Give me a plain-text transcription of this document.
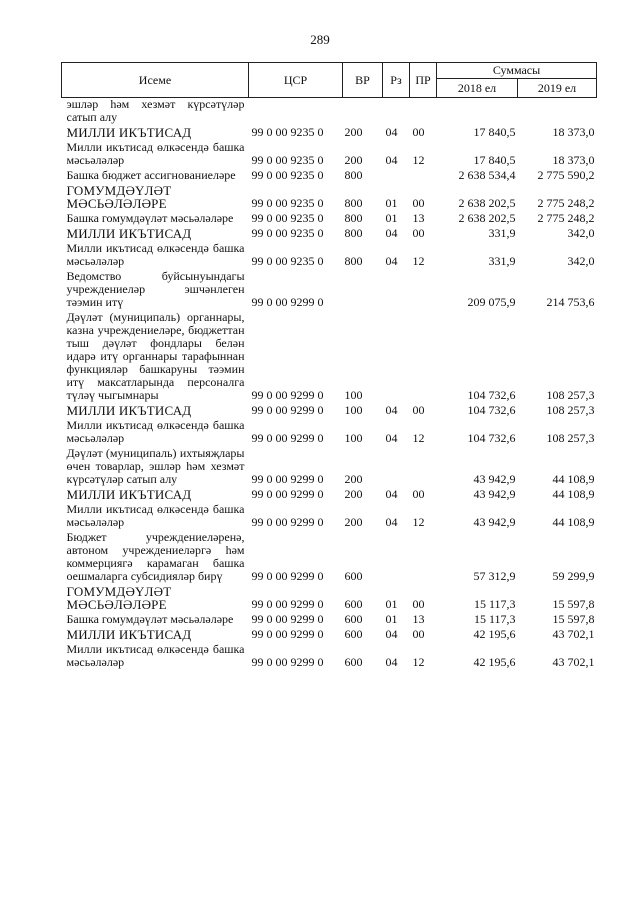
289
Исеме	ЦСР	ВР	Рз	ПР	Суммасы	
					2018 ел	2019 ел
эшләр һәм хезмәт күрсәтүләр сатып алу						
МИЛЛИ ИКЪТИСАД	99 0 00 9235 0	200	04	00	17 840,5	18 373,0
Милли икътисад өлкәсендә башка мәсьәләләр	99 0 00 9235 0	200	04	12	17 840,5	18 373,0
Башка бюджет ассигнованиеләре	99 0 00 9235 0	800			2 638 534,4	2 775 590,2
ГОМУМДӘҮЛӘТ МӘСЬӘЛӘЛӘРЕ	99 0 00 9235 0	800	01	00	2 638 202,5	2 775 248,2
Башка гомумдәүләт мәсьәләләре	99 0 00 9235 0	800	01	13	2 638 202,5	2 775 248,2
МИЛЛИ ИКЪТИСАД	99 0 00 9235 0	800	04	00	331,9	342,0
Милли икътисад өлкәсендә башка мәсьәләләр	99 0 00 9235 0	800	04	12	331,9	342,0
Ведомство буйсынуындагы учреждениеләр эшчәнлеген тәэмин итү	99 0 00 9299 0				209 075,9	214 753,6
Дәүләт (муниципаль) органнары, казна учреждениеләре, бюджеттан тыш дәүләт фондлары белән идарә итү органнары тарафыннан функцияләр башкаруны тәэмин итү максатларында персоналга түләү чыгымнары	99 0 00 9299 0	100			104 732,6	108 257,3
МИЛЛИ ИКЪТИСАД	99 0 00 9299 0	100	04	00	104 732,6	108 257,3
Милли икътисад өлкәсендә башка мәсьәләләр	99 0 00 9299 0	100	04	12	104 732,6	108 257,3
Дәүләт (муниципаль) ихтыяҗлары өчен товарлар, эшләр һәм хезмәт күрсәтүләр сатып алу	99 0 00 9299 0	200			43 942,9	44 108,9
МИЛЛИ ИКЪТИСАД	99 0 00 9299 0	200	04	00	43 942,9	44 108,9
Милли икътисад өлкәсендә башка мәсьәләләр	99 0 00 9299 0	200	04	12	43 942,9	44 108,9
Бюджет учреждениеләренә, автоном учреждениеләргә һәм коммерциягә карамаган башка оешмаларга субсидияләр бирү	99 0 00 9299 0	600			57 312,9	59 299,9
ГОМУМДӘҮЛӘТ МӘСЬӘЛӘЛӘРЕ	99 0 00 9299 0	600	01	00	15 117,3	15 597,8
Башка гомумдәүләт мәсьәләләре	99 0 00 9299 0	600	01	13	15 117,3	15 597,8
МИЛЛИ ИКЪТИСАД	99 0 00 9299 0	600	04	00	42 195,6	43 702,1
Милли икътисад өлкәсендә башка мәсьәләләр	99 0 00 9299 0	600	04	12	42 195,6	43 702,1
